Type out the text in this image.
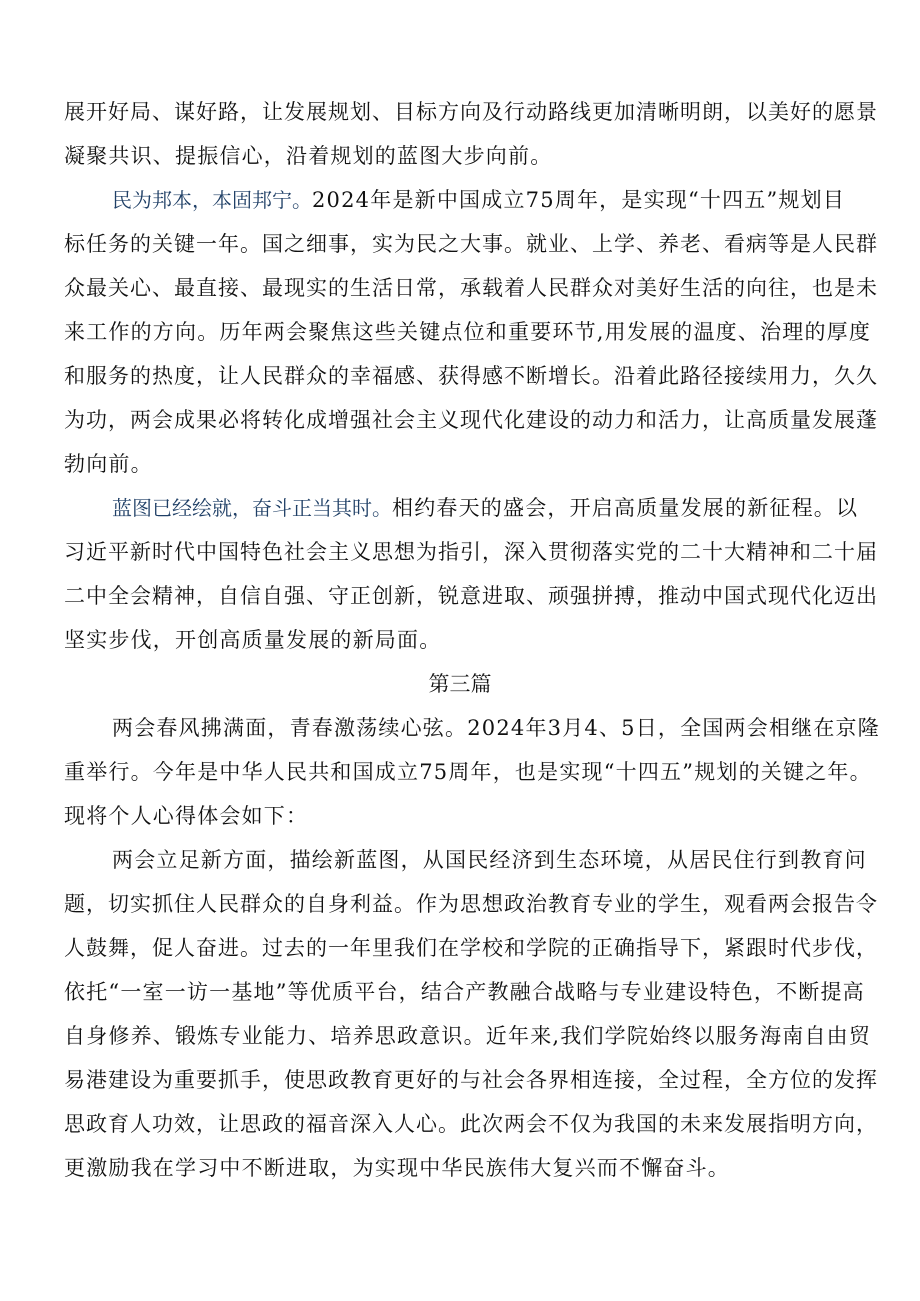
展开好局、谋好路，让发展规划、目标方向及行动路线更加清晰明朗，以美好的愿景
凝聚共识、提振信心，沿着规划的蓝图大步向前。
民为邦本，本固邦宁。2024年是新中国成立75周年，是实现“十四五”规划目
标任务的关键一年。国之细事，实为民之大事。就业、上学、养老、看病等是人民群
众最关心、最直接、最现实的生活日常，承载着人民群众对美好生活的向往，也是未
来工作的方向。历年两会聚焦这些关键点位和重要环节,用发展的温度、治理的厚度
和服务的热度，让人民群众的幸福感、获得感不断增长。沿着此路径接续用力，久久
为功，两会成果必将转化成增强社会主义现代化建设的动力和活力，让高质量发展蓬
勃向前。
蓝图已经绘就，奋斗正当其时。相约春天的盛会，开启高质量发展的新征程。以
习近平新时代中国特色社会主义思想为指引，深入贯彻落实党的二十大精神和二十届
二中全会精神，自信自强、守正创新，锐意进取、顽强拼搏，推动中国式现代化迈出
坚实步伐，开创高质量发展的新局面。
第三篇
两会春风拂满面，青春激荡续心弦。2024年3月4、5日，全国两会相继在京隆
重举行。今年是中华人民共和国成立75周年，也是实现“十四五”规划的关键之年。
现将个人心得体会如下：
两会立足新方面，描绘新蓝图，从国民经济到生态环境，从居民住行到教育问
题，切实抓住人民群众的自身利益。作为思想政治教育专业的学生，观看两会报告令
人鼓舞，促人奋进。过去的一年里我们在学校和学院的正确指导下，紧跟时代步伐，
依托“一室一访一基地”等优质平台，结合产教融合战略与专业建设特色，不断提高
自身修养、锻炼专业能力、培养思政意识。近年来,我们学院始终以服务海南自由贸
易港建设为重要抓手，使思政教育更好的与社会各界相连接，全过程，全方位的发挥
思政育人功效，让思政的福音深入人心。此次两会不仅为我国的未来发展指明方向，
更激励我在学习中不断进取，为实现中华民族伟大复兴而不懈奋斗。
